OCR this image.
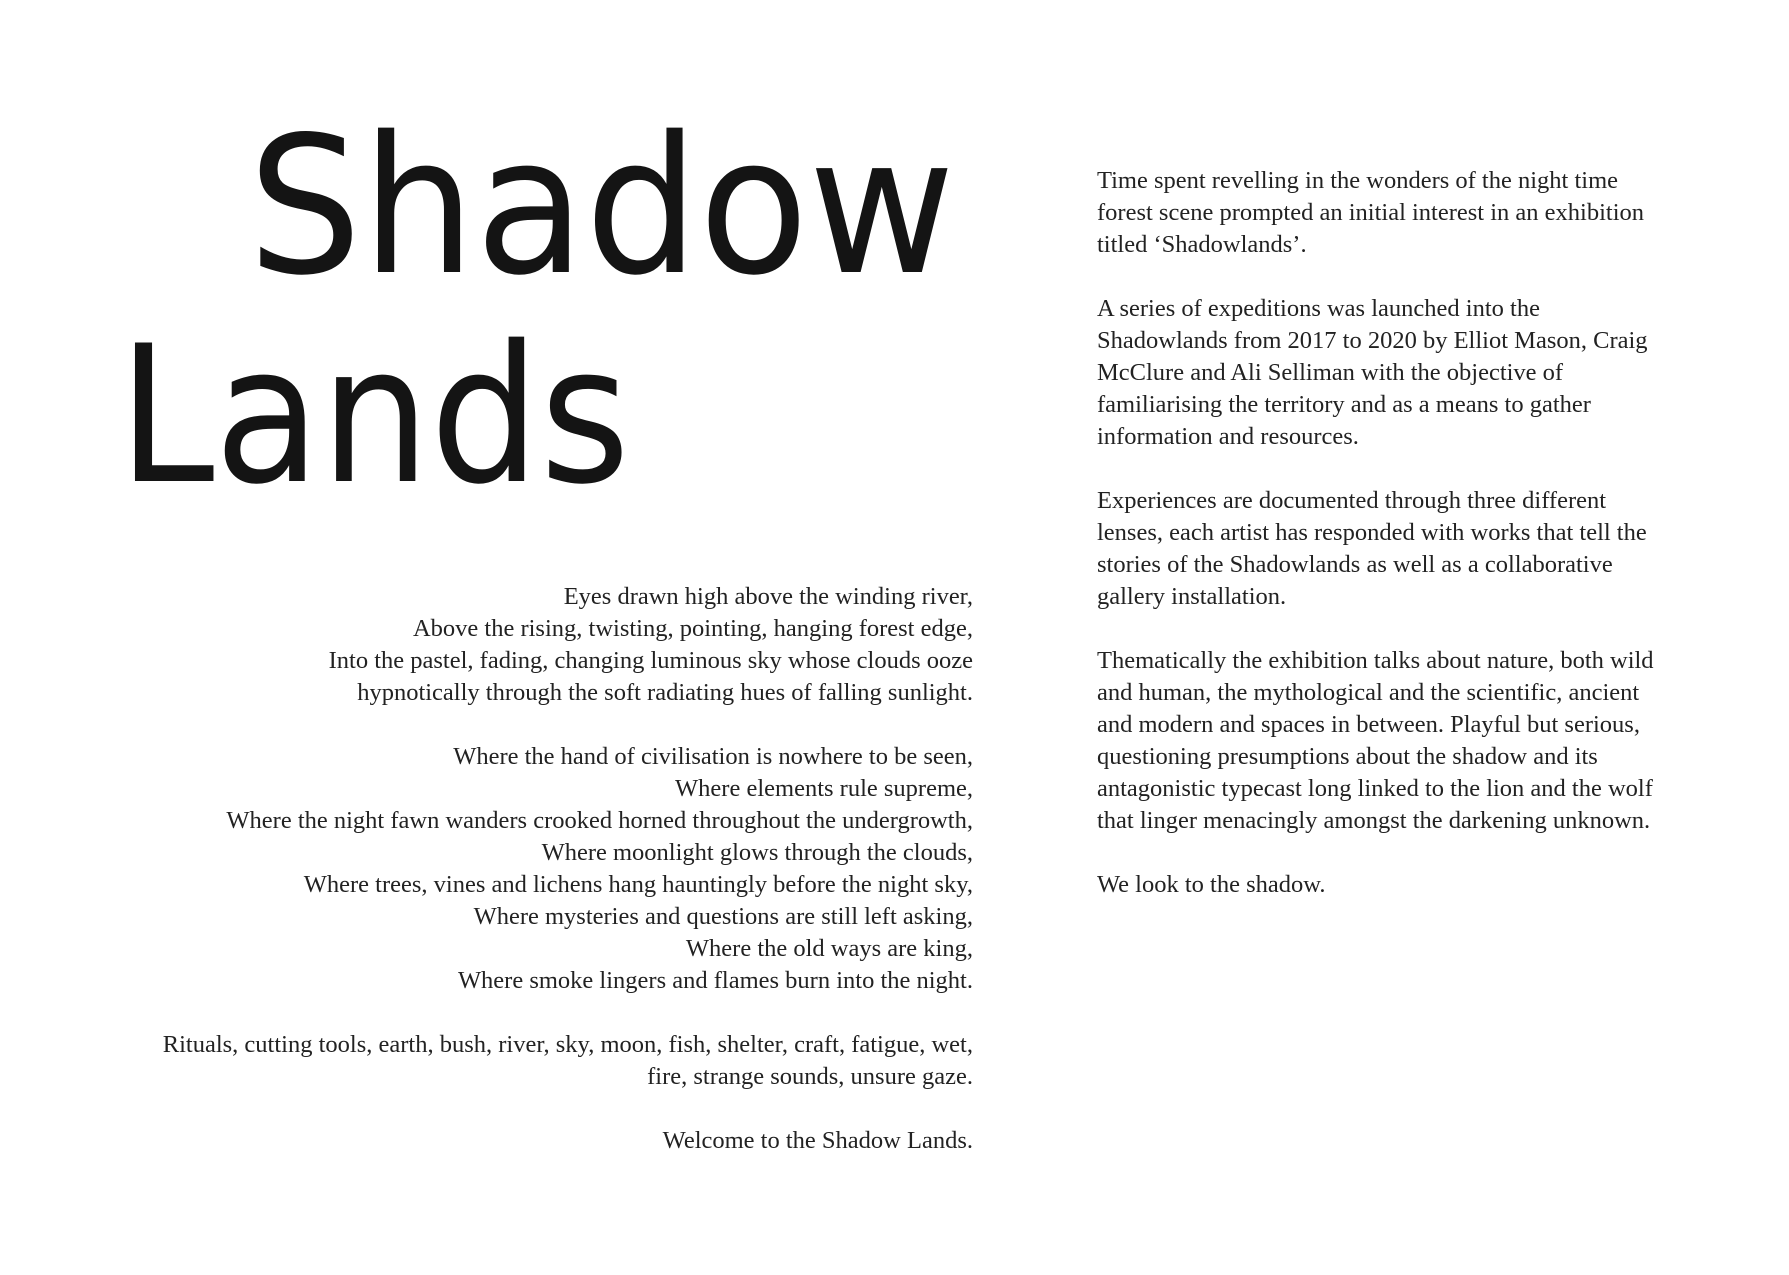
Shadow
Lands
Eyes drawn high above the winding river,
Above the rising, twisting, pointing, hanging forest edge,
Into the pastel, fading, changing luminous sky whose clouds ooze
hypnotically through the soft radiating hues of falling sunlight.
Where the hand of civilisation is nowhere to be seen,
Where elements rule supreme,
Where the night fawn wanders crooked horned throughout the undergrowth,
Where moonlight glows through the clouds,
Where trees, vines and lichens hang hauntingly before the night sky,
Where mysteries and questions are still left asking,
Where the old ways are king,
Where smoke lingers and flames burn into the night.
Rituals, cutting tools, earth, bush, river, sky, moon, fish, shelter, craft, fatigue, wet,
fire, strange sounds, unsure gaze.
Welcome to the Shadow Lands.

Time spent revelling in the wonders of the night time forest scene prompted an initial interest in an exhibition titled ‘Shadowlands’.

A series of expeditions was launched into the Shadowlands from 2017 to 2020 by Elliot Mason, Craig McClure and Ali Selliman with the objective of familiarising the territory and as a means to gather information and resources.

Experiences are documented through three different lenses, each artist has responded with works that tell the stories of the Shadowlands as well as a collaborative gallery installation.

Thematically the exhibition talks about nature, both wild and human, the mythological and the scientific, ancient and modern and spaces in between. Playful but serious, questioning presumptions about the shadow and its antagonistic typecast long linked to the lion and the wolf that linger menacingly amongst the darkening unknown.

We look to the shadow.
